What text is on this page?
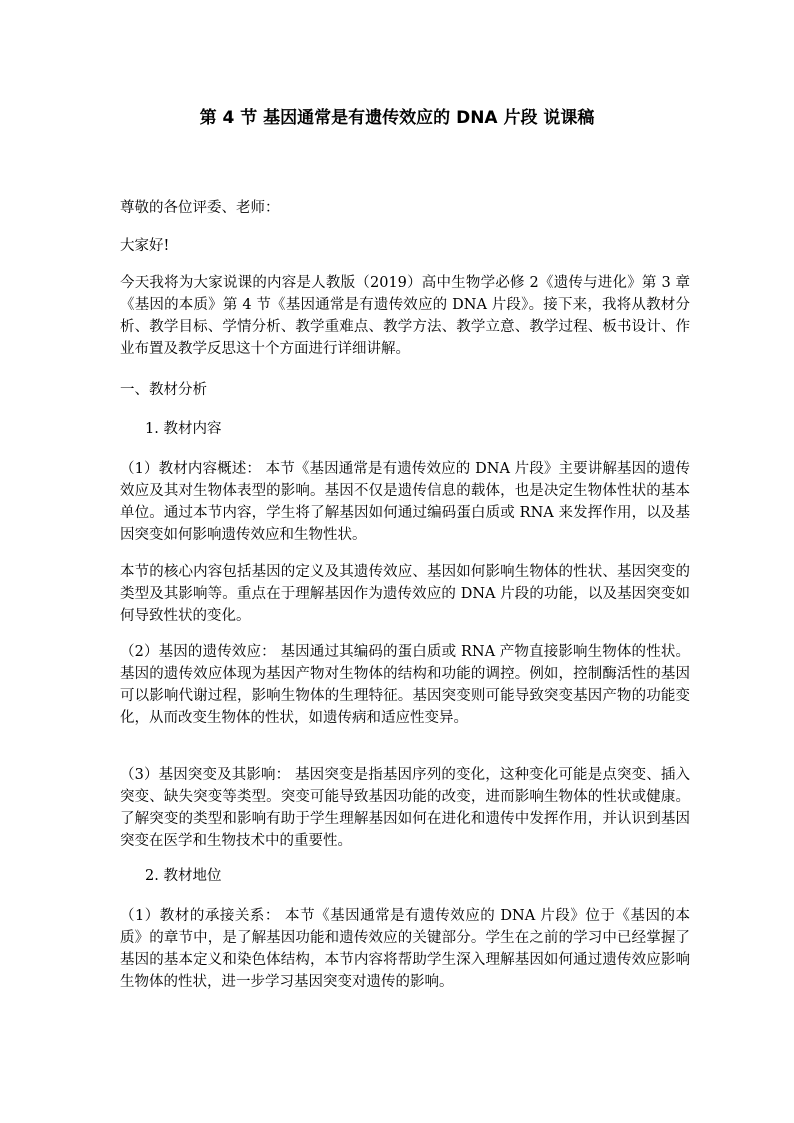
第 4 节 基因通常是有遗传效应的 DNA 片段 说课稿

尊敬的各位评委、老师：

大家好!

今天我将为大家说课的内容是人教版（2019）高中生物学必修 2《遗传与进化》第 3 章《基因的本质》第 4 节《基因通常是有遗传效应的 DNA 片段》。接下来，我将从教材分析、教学目标、学情分析、教学重难点、教学方法、教学立意、教学过程、板书设计、作业布置及教学反思这十个方面进行详细讲解。

一、教材分析

1. 教材内容

（1）教材内容概述： 本节《基因通常是有遗传效应的 DNA 片段》主要讲解基因的遗传效应及其对生物体表型的影响。基因不仅是遗传信息的载体，也是决定生物体性状的基本单位。通过本节内容，学生将了解基因如何通过编码蛋白质或 RNA 来发挥作用，以及基因突变如何影响遗传效应和生物性状。

本节的核心内容包括基因的定义及其遗传效应、基因如何影响生物体的性状、基因突变的类型及其影响等。重点在于理解基因作为遗传效应的 DNA 片段的功能，以及基因突变如何导致性状的变化。

（2）基因的遗传效应： 基因通过其编码的蛋白质或 RNA 产物直接影响生物体的性状。基因的遗传效应体现为基因产物对生物体的结构和功能的调控。例如，控制酶活性的基因可以影响代谢过程，影响生物体的生理特征。基因突变则可能导致突变基因产物的功能变化，从而改变生物体的性状，如遗传病和适应性变异。

（3）基因突变及其影响： 基因突变是指基因序列的变化，这种变化可能是点突变、插入突变、缺失突变等类型。突变可能导致基因功能的改变，进而影响生物体的性状或健康。了解突变的类型和影响有助于学生理解基因如何在进化和遗传中发挥作用，并认识到基因突变在医学和生物技术中的重要性。

2. 教材地位

（1）教材的承接关系： 本节《基因通常是有遗传效应的 DNA 片段》位于《基因的本质》的章节中，是了解基因功能和遗传效应的关键部分。学生在之前的学习中已经掌握了基因的基本定义和染色体结构，本节内容将帮助学生深入理解基因如何通过遗传效应影响生物体的性状，进一步学习基因突变对遗传的影响。
